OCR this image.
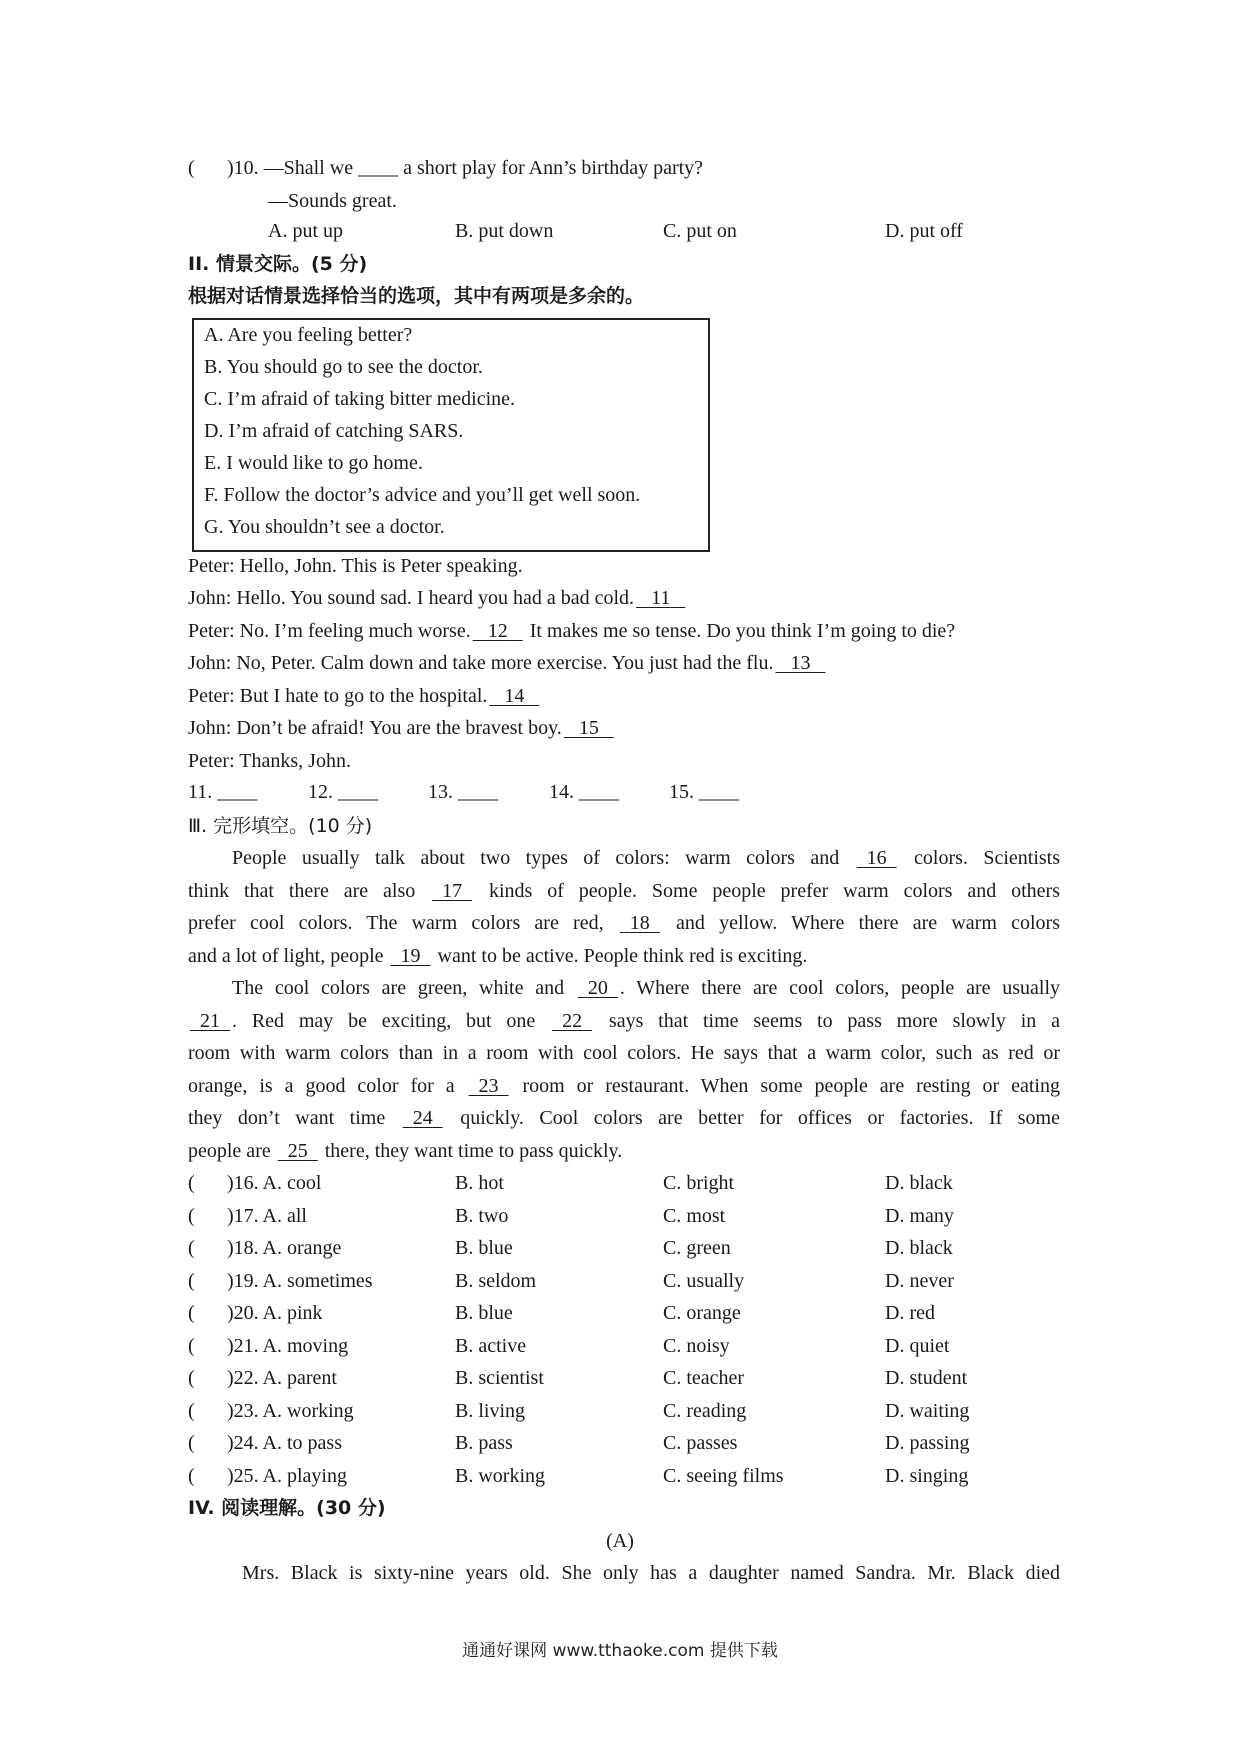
( )10. —Shall we ____ a short play for Ann’s birthday party?
—Sounds great.
A. put up	B. put down	C. put on	D. put off
II. 情景交际。(5 分)
根据对话情景选择恰当的选项，其中有两项是多余的。
A. Are you feeling better?
B. You should go to see the doctor.
C. I’m afraid of taking bitter medicine.
D. I’m afraid of catching SARS.
E. I would like to go home.
F. Follow the doctor’s advice and you’ll get well soon.
G. You shouldn’t see a doctor.
Peter: Hello, John. This is Peter speaking.
John: Hello. You sound sad. I heard you had a bad cold. 11
Peter: No. I’m feeling much worse. 12    It makes me so tense. Do you think I’m going to die?
John: No, Peter. Calm down and take more exercise. You just had the flu. 13
Peter: But I hate to go to the hospital. 14
John: Don’t be afraid! You are the bravest boy. 15
Peter: Thanks, John.
11. ____	12. ____	13. ____	14. ____	15. ____
Ⅲ. 完形填空。(10 分)
People usually talk about two types of colors: warm colors and   16   colors. Scientists
think that there are also   17   kinds of people. Some people prefer warm colors and others
prefer cool colors. The warm colors are red,   18   and yellow. Where there are warm colors
and a lot of light, people   19   want to be active. People think red is exciting.
The cool colors are green, white and   20 . Where there are cool colors, people are usually
21 . Red may be exciting, but one   22   says that time seems to pass more slowly in a
room with warm colors than in a room with cool colors. He says that a warm color, such as red or
orange, is a good color for a   23   room or restaurant. When some people are resting or eating
they don’t want time   24   quickly. Cool colors are better for offices or factories. If some
people are   25   there, they want time to pass quickly.
( )16. A. cool	B. hot	C. bright	D. black
( )17. A. all	B. two	C. most	D. many
( )18. A. orange	B. blue	C. green	D. black
( )19. A. sometimes	B. seldom	C. usually	D. never
( )20. A. pink	B. blue	C. orange	D. red
( )21. A. moving	B. active	C. noisy	D. quiet
( )22. A. parent	B. scientist	C. teacher	D. student
( )23. A. working	B. living	C. reading	D. waiting
( )24. A. to pass	B. pass	C. passes	D. passing
( )25. A. playing	B. working	C. seeing films	D. singing
IV. 阅读理解。(30 分)
(A)
Mrs. Black is sixty-nine years old. She only has a daughter named Sandra. Mr. Black died
通通好课网 www.tthaoke.com 提供下载
